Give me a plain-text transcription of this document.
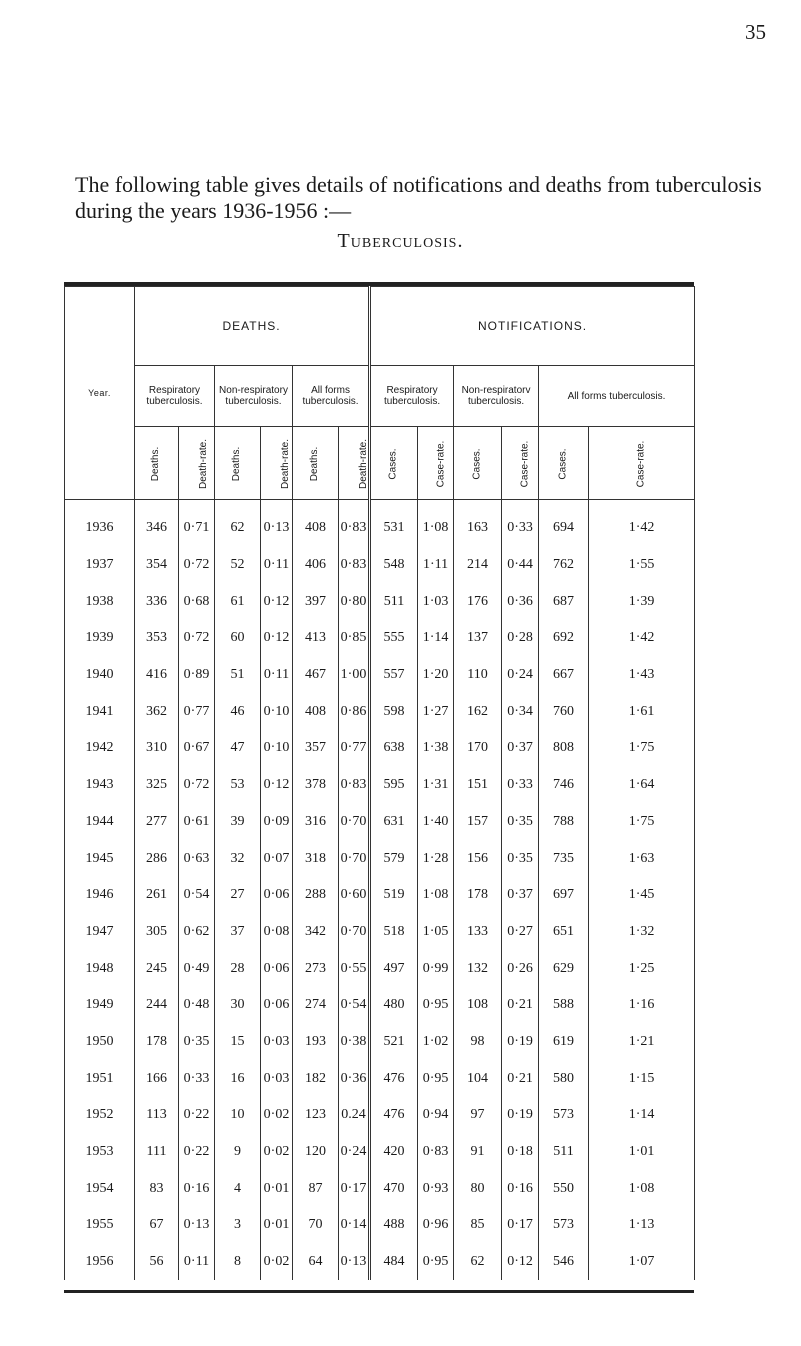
35
The following table gives details of notifications and deaths from tuberculosis during the years 1936-1956 :—
Tuberculosis.
Year.	DEATHS.						NOTIFICATIONS.					
	Respiratory tuberculosis.		Non-respiratory tuberculosis.		All forms tuberculosis.		Respiratory tuberculosis.		Non-respiratorv tuberculosis.		All forms tuberculosis.	
	Deaths.	Death-rate.	Deaths.	Death-rate.	Deaths.	Death-rate.	Cases.	Case-rate.	Cases.	Case-rate.	Cases.	Case-rate.
1936	346	0·71	62	0·13	408	0·83	531	1·08	163	0·33	694	1·42
1937	354	0·72	52	0·11	406	0·83	548	1·11	214	0·44	762	1·55
1938	336	0·68	61	0·12	397	0·80	511	1·03	176	0·36	687	1·39
1939	353	0·72	60	0·12	413	0·85	555	1·14	137	0·28	692	1·42
1940	416	0·89	51	0·11	467	1·00	557	1·20	110	0·24	667	1·43
1941	362	0·77	46	0·10	408	0·86	598	1·27	162	0·34	760	1·61
1942	310	0·67	47	0·10	357	0·77	638	1·38	170	0·37	808	1·75
1943	325	0·72	53	0·12	378	0·83	595	1·31	151	0·33	746	1·64
1944	277	0·61	39	0·09	316	0·70	631	1·40	157	0·35	788	1·75
1945	286	0·63	32	0·07	318	0·70	579	1·28	156	0·35	735	1·63
1946	261	0·54	27	0·06	288	0·60	519	1·08	178	0·37	697	1·45
1947	305	0·62	37	0·08	342	0·70	518	1·05	133	0·27	651	1·32
1948	245	0·49	28	0·06	273	0·55	497	0·99	132	0·26	629	1·25
1949	244	0·48	30	0·06	274	0·54	480	0·95	108	0·21	588	1·16
1950	178	0·35	15	0·03	193	0·38	521	1·02	98	0·19	619	1·21
1951	166	0·33	16	0·03	182	0·36	476	0·95	104	0·21	580	1·15
1952	113	0·22	10	0·02	123	0.24	476	0·94	97	0·19	573	1·14
1953	111	0·22	9	0·02	120	0·24	420	0·83	91	0·18	511	1·01
1954	83	0·16	4	0·01	87	0·17	470	0·93	80	0·16	550	1·08
1955	67	0·13	3	0·01	70	0·14	488	0·96	85	0·17	573	1·13
1956	56	0·11	8	0·02	64	0·13	484	0·95	62	0·12	546	1·07
